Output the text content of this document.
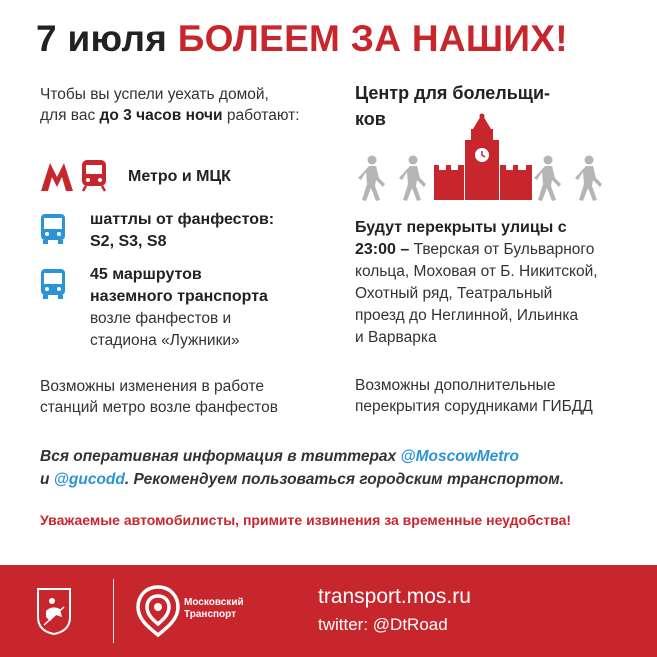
7 июля БОЛЕЕМ ЗА НАШИХ!
Чтобы вы успели уехать домой,
для вас до 3 часов ночи работают:
Метро и МЦК
шаттлы от фанфестов:
S2, S3, S8
45 маршрутов
наземного транспорта
возле фанфестов и
стадиона «Лужники»
Возможны изменения в работе
станций метро возле фанфестов
Центр для болельщи-
ков
Будут перекрыты улицы с
23:00 – Тверская от Бульварного
кольца, Моховая от Б. Никитской,
Охотный ряд, Театральный
проезд до Неглинной, Ильинка
и Варварка
Возможны дополнительные
перекрытия сорудниками ГИБДД
Вся оперативная информация в твиттерах @MoscowMetro
и @gucodd. Рекомендуем пользоваться городским транспортом.
Уважаемые автомобилисты, примите извинения за временные неудобства!
Московский
Транспорт
transport.mos.ru
twitter: @DtRoad
